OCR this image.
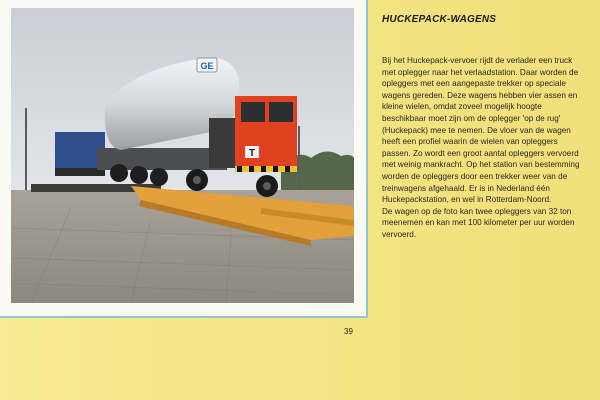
GE
T
HUCKEPACK-WAGENS

Bij het Huckepack-vervoer rijdt de verlader een truck met oplegger naar het verlaadstation. Daar worden de opleggers met een aangepaste trekker op speciale wagens gereden. Deze wagens hebben vier assen en kleine wielen, omdat zoveel mogelijk hoogte beschikbaar moet zijn om de oplegger 'op de rug' (Huckepack) mee te nemen. De vloer van de wagen heeft een profiel waarin de wielen van opleggers passen. Zo wordt een groot aantal opleggers vervoerd met weinig mankracht. Op het station van bestemming worden de opleggers door een trekker weer van de treinwagens afgehaald. Er is in Nederland één Huckepackstation, en wel in Rotterdam-Noord.

De wagen op de foto kan twee opleggers van 32 ton meenemen en kan met 100 kilometer per uur worden vervoerd.

39
